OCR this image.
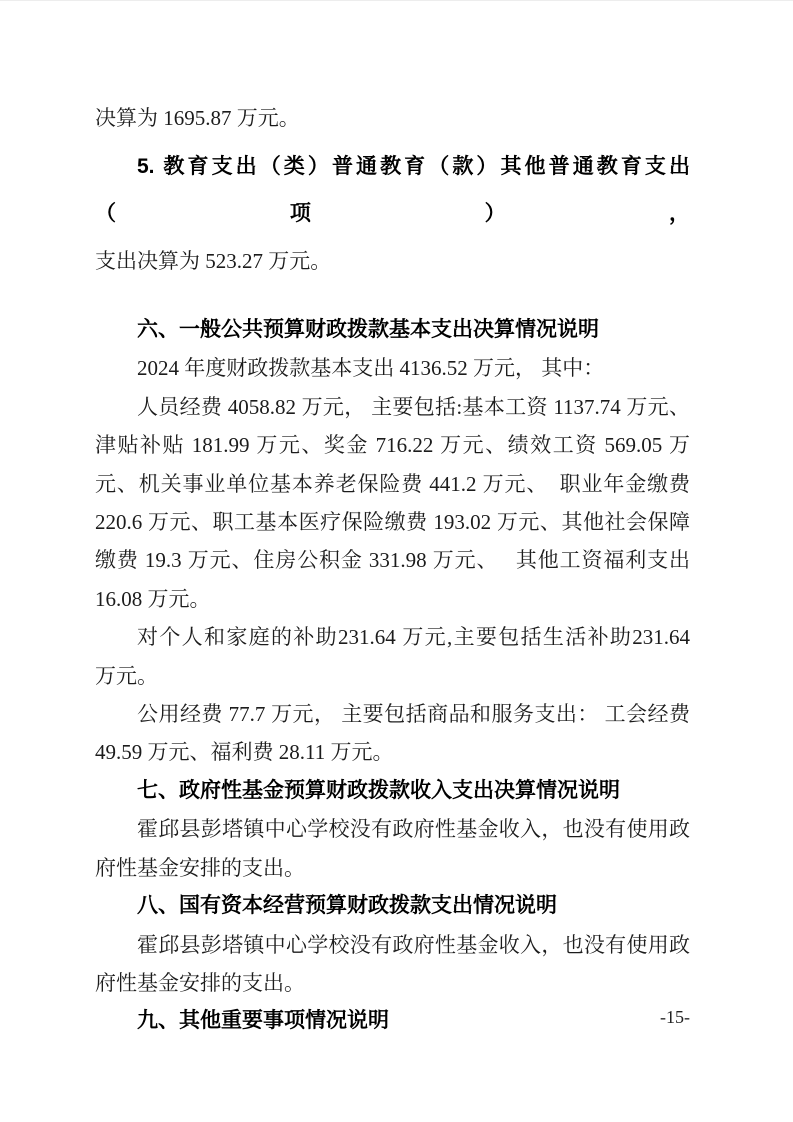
决算为 1695.87 万元。
5. 教育支出（类）普通教育（款）其他普通教育支出（项），
支出决算为 523.27 万元。
六、一般公共预算财政拨款基本支出决算情况说明
2024 年度财政拨款基本支出 4136.52 万元， 其中：
人员经费 4058.82 万元， 主要包括:基本工资 1137.74 万元、
津贴补贴 181.99 万元、奖金 716.22 万元、绩效工资 569.05 万
元、机关事业单位基本养老保险费 441.2 万元、　职业年金缴费
220.6 万元、职工基本医疗保险缴费 193.02 万元、其他社会保障
缴费 19.3 万元、住房公积金 331.98 万元、　 其他工资福利支出
16.08 万元。
对个人和家庭的补助231.64 万元,主要包括生活补助231.64
万元。
公用经费 77.7 万元， 主要包括商品和服务支出： 工会经费
49.59 万元、福利费 28.11 万元。
七、政府性基金预算财政拨款收入支出决算情况说明
霍邱县彭塔镇中心学校没有政府性基金收入，也没有使用政
府性基金安排的支出。
八、国有资本经营预算财政拨款支出情况说明
霍邱县彭塔镇中心学校没有政府性基金收入，也没有使用政
府性基金安排的支出。
九、其他重要事项情况说明	-15-
